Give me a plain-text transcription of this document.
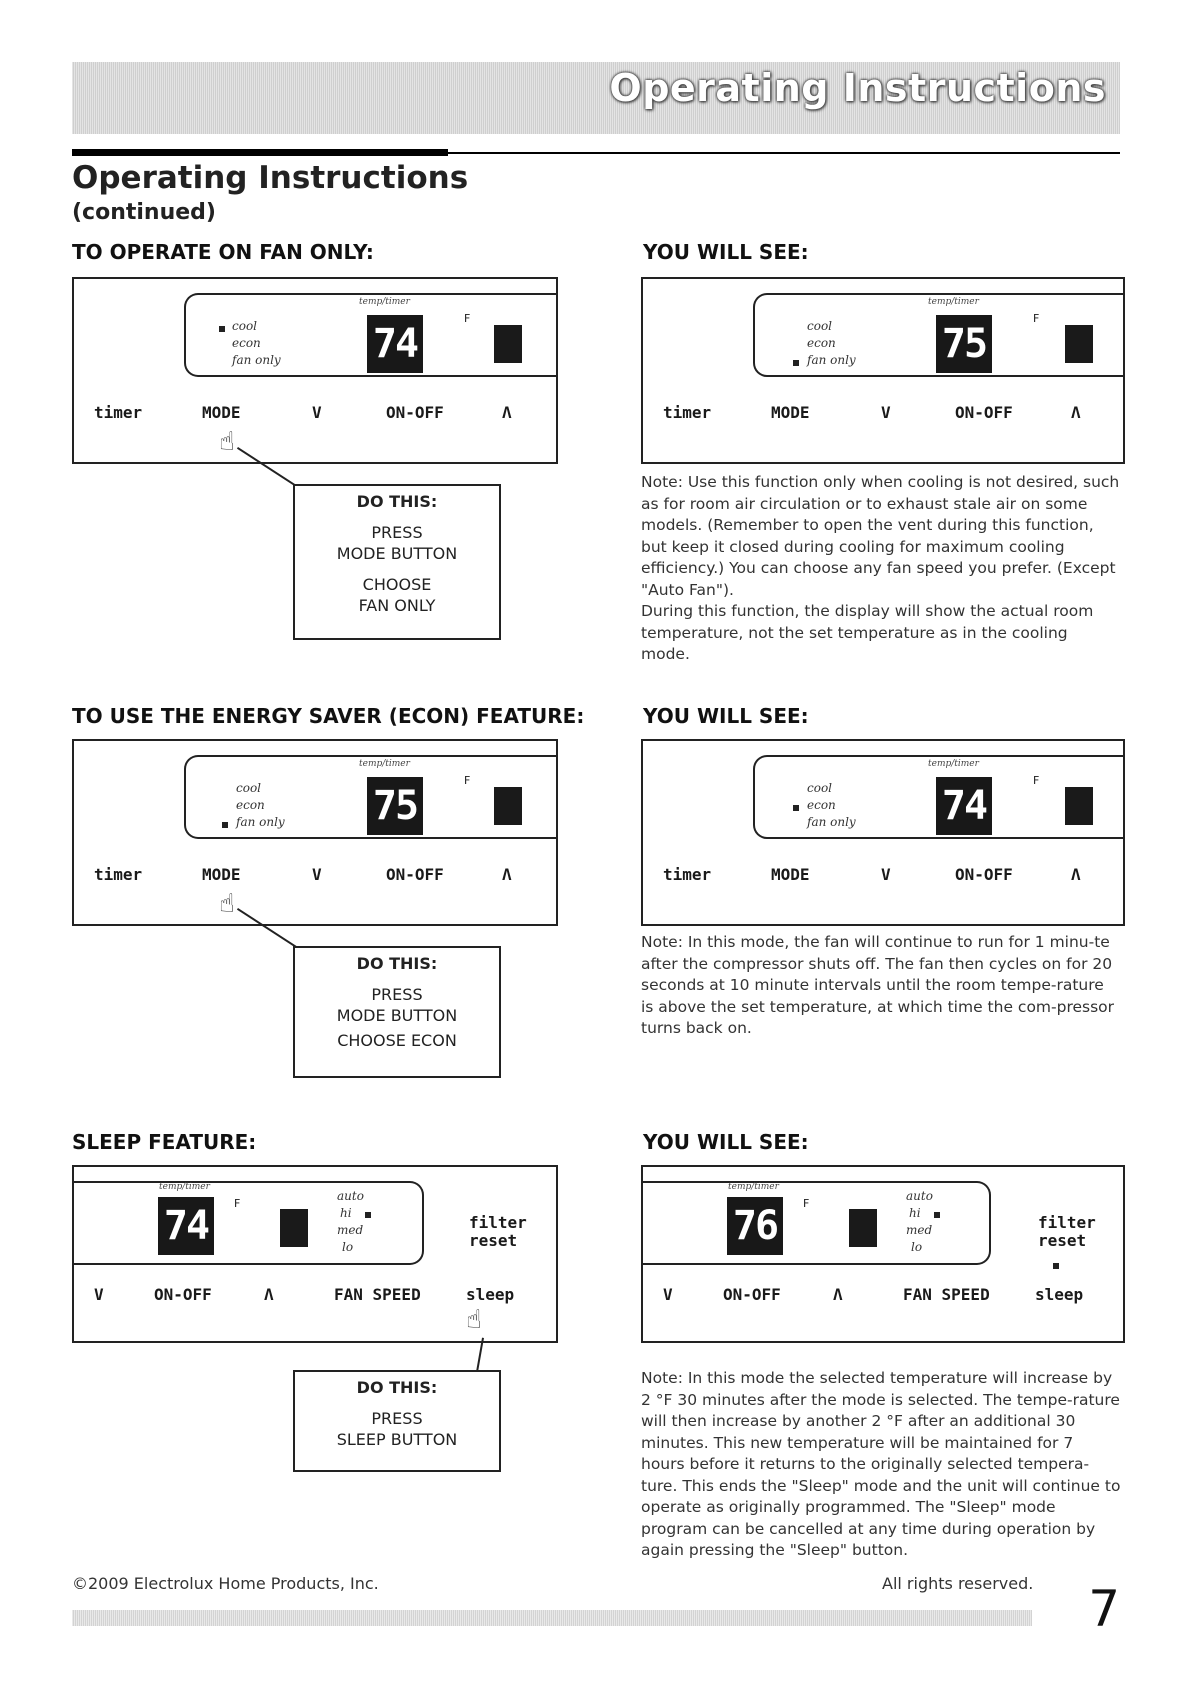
Operating Instructions
Operating Instructions
(continued)
TO OPERATE ON FAN ONLY:	YOU WILL SEE:
temp/timer
cool
econ
fan only 74
F
timer	MODE	V	ON-OFF	Λ
☝
DO THIS:
PRESS
MODE BUTTON
CHOOSE
FAN ONLY
temp/timer
cool
econ
fan only 75
F
timer	MODE	V	ON-OFF	Λ
Note: Use this function only when cooling is not desired, such as for room air circulation or to exhaust stale air on some models. (Remember to open the vent during this function, but keep it closed during cooling for maximum cooling efficiency.) You can choose any fan speed you prefer. (Except "Auto Fan").
During this function, the display will show the actual room temperature, not the set temperature as in the cooling mode.
TO USE THE ENERGY SAVER (ECON) FEATURE:	YOU WILL SEE:
temp/timer
cool
econ
fan only 75
F
timer	MODE	V	ON-OFF	Λ
☝
DO THIS:
PRESS
MODE BUTTON
CHOOSE ECON
temp/timer
cool
econ
fan only 74
F
timer	MODE	V	ON-OFF	Λ
Note: In this mode, the fan will continue to run for 1 minu-te after the compressor shuts off. The fan then cycles on for 20 seconds at 10 minute intervals until the room tempe-rature is above the set temperature, at which time the com-pressor turns back on.
SLEEP FEATURE:	YOU WILL SEE:
temp/timer
74	F
auto
hi
med
lo
filter
reset
V	ON-OFF	Λ	FAN SPEED	sleep
☝
DO THIS:
PRESS
SLEEP BUTTON
temp/timer
76	F
auto
hi
med
lo
filter
reset
V	ON-OFF	Λ	FAN SPEED	sleep
Note: In this mode the selected temperature will increase by 2 °F 30 minutes after the mode is selected. The tempe-rature will then increase by another 2 °F after an additional 30 minutes. This new temperature will be maintained for 7 hours before it returns to the originally selected tempera-ture. This ends the "Sleep" mode and the unit will continue to operate as originally programmed. The "Sleep" mode program can be cancelled at any time during operation by again pressing the "Sleep" button.
©2009 Electrolux Home Products, Inc.	All rights reserved. 7
